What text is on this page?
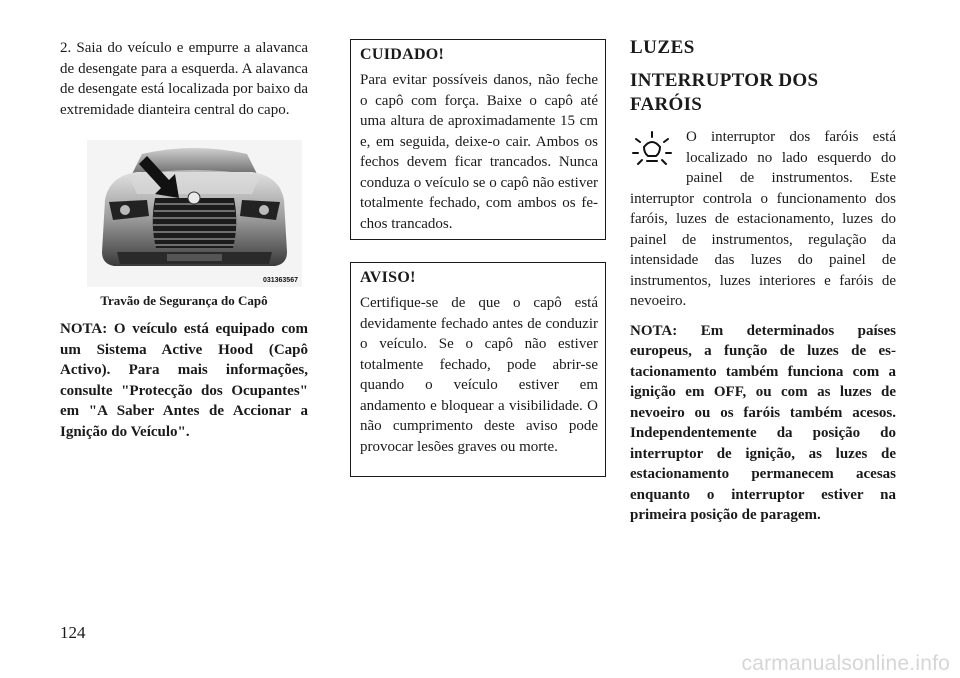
2. Saia do veículo e empurre a alavanca de desengate para a esquerda. A alavanca de desengate está localizada por baixo da extremidade dianteira central do capo.

031363567
Travão de Segurança do Capô

NOTA: O veículo está equipado com um Sistema Active Hood (Capô Activo). Para mais informações, consulte "Protecção dos Ocupantes" em "A Saber Antes de Accionar a Ignição do Veículo".

CUIDADO!

Para evitar possíveis danos, não feche o capô com força. Baixe o capô até uma altura de aproximadamente 15 cm e, em seguida, deixe-o cair. Ambos os fechos devem ficar trancados. Nunca conduza o veículo se o capô não estiver totalmente fechado, com ambos os fechos trancados.

AVISO!

Certifique-se de que o capô está devidamente fechado antes de conduzir o veículo. Se o capô não estiver totalmente fechado, pode abrir-se quando o veículo estiver em andamento e bloquear a visibilidade. O não cumprimento deste aviso pode provocar lesões graves ou morte.

LUZES
INTERRUPTOR DOS FARÓIS

O interruptor dos faróis está localizado no lado esquerdo do painel de instrumentos. Este interruptor controla o funcionamento dos faróis, luzes de estacionamento, luzes do painel de instrumentos, regulação da intensidade das luzes do painel de instrumentos, luzes interiores e faróis de nevoeiro.

NOTA: Em determinados países europeus, a função de luzes de estacionamento também funciona com a ignição em OFF, ou com as luzes de nevoeiro ou os faróis também acesos. Independentemente da posição do interruptor de ignição, as luzes de estacionamento permanecem acesas enquanto o interruptor estiver na primeira posição de paragem.

124
carmanualsonline.info
